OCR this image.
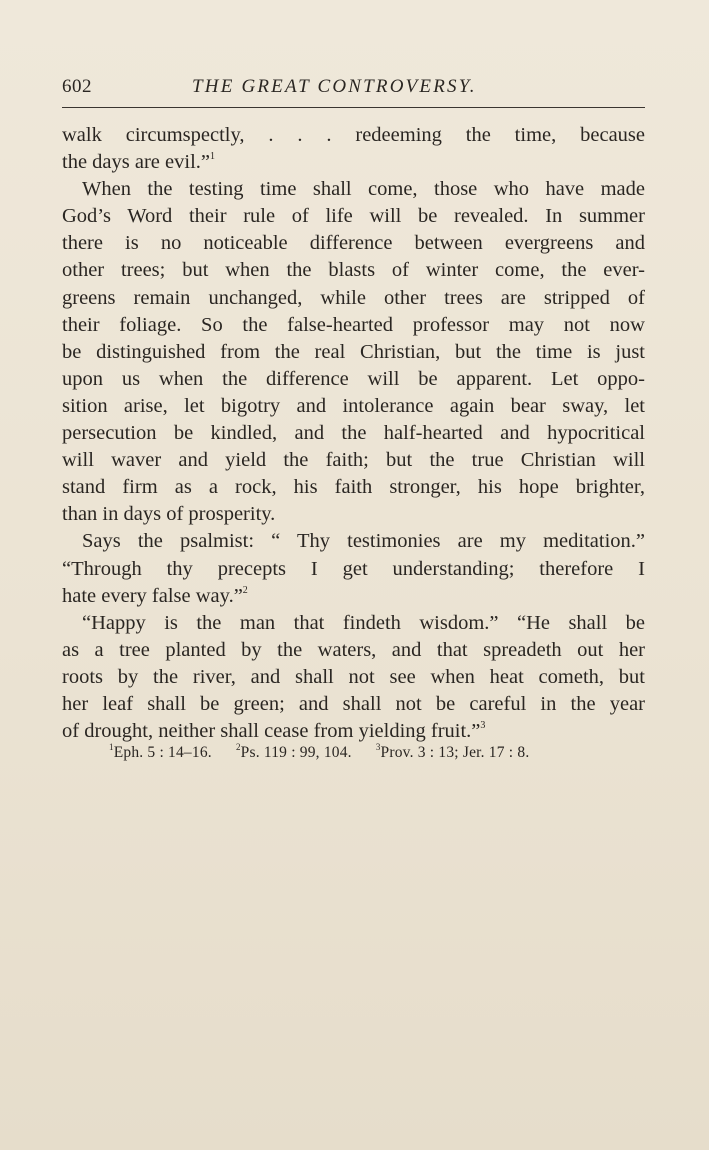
602	THE GREAT CONTROVERSY.
walk circumspectly, . . . redeeming the time, because
the days are evil.”$^1$
When the testing time shall come, those who have made
God’s Word their rule of life will be revealed. In summer
there is no noticeable difference between evergreens and
other trees; but when the blasts of winter come, the ever-
greens remain unchanged, while other trees are stripped of
their foliage. So the false-hearted professor may not now
be distinguished from the real Christian, but the time is just
upon us when the difference will be apparent. Let oppo-
sition arise, let bigotry and intolerance again bear sway, let
persecution be kindled, and the half-hearted and hypocritical
will waver and yield the faith; but the true Christian will
stand firm as a rock, his faith stronger, his hope brighter,
than in days of prosperity.
Says the psalmist: “ Thy testimonies are my meditation.”
“Through thy precepts I get understanding; therefore I
hate every false way.”$^2$
“Happy is the man that findeth wisdom.” “He shall be
as a tree planted by the waters, and that spreadeth out her
roots by the river, and shall not see when heat cometh, but
her leaf shall be green; and shall not be careful in the year
of drought, neither shall cease from yielding fruit.”$^3$
$^1$Eph. 5 : 14–16.	$^2$Ps. 119 : 99, 104.	$^3$Prov. 3 : 13; Jer. 17 : 8.
